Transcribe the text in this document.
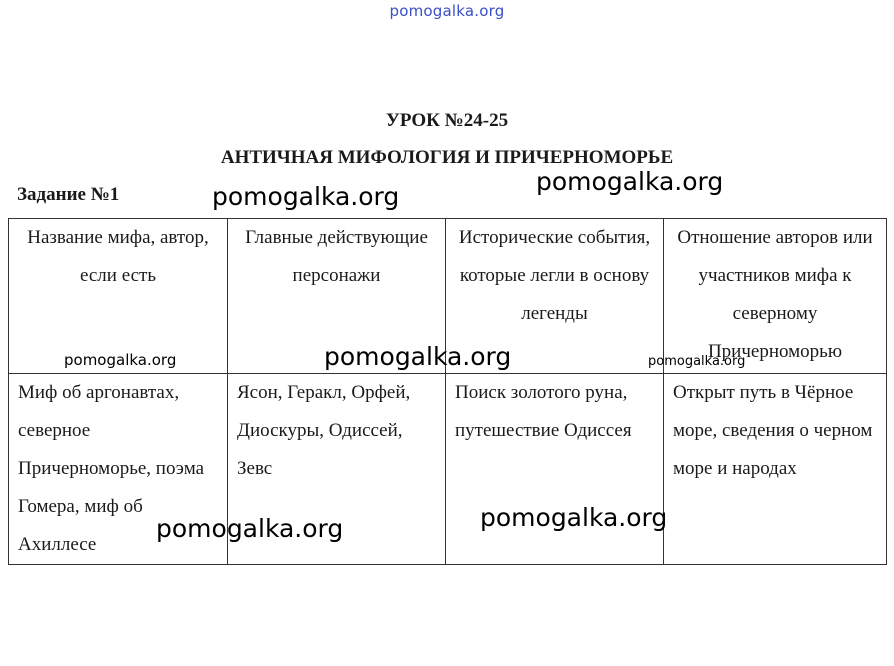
pomogalka.org
УРОК №24-25
АНТИЧНАЯ МИФОЛОГИЯ И ПРИЧЕРНОМОРЬЕ
Задание №1
Название мифа, автор, если есть	Главные действующие персонажи	Исторические события, которые легли в основу легенды	Отношение авторов или участников мифа к северному Причерноморью

Миф об аргонавтах, северное Причерноморье, поэма Гомера, миф об Ахиллесе	Ясон, Геракл, Орфей, Диоскуры, Одиссей, Зевс	Поиск золотого руна, путешествие Одиссея	Открыт путь в Чёрное море, сведения о черном море и народах
pomogalka.org
pomogalka.org
pomogalka.org	pomogalka.org	pomogalka.org
pomogalka.org	pomogalka.org
